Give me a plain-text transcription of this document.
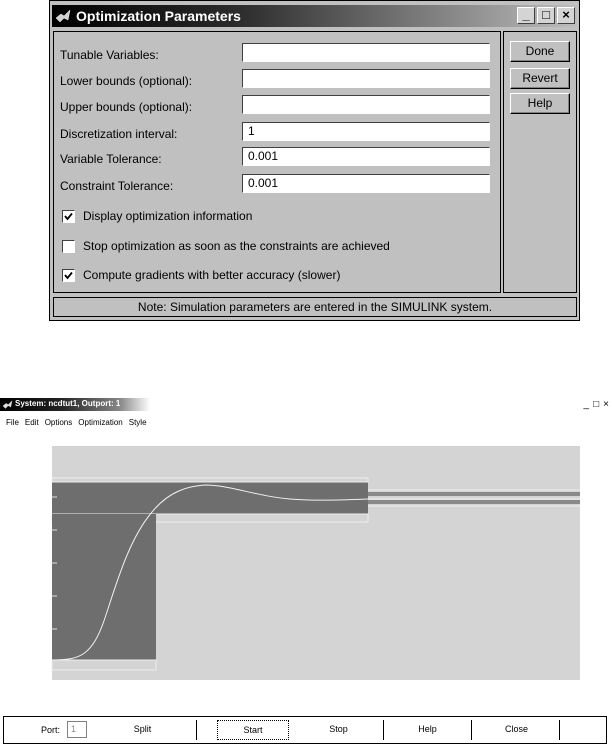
Optimization Parameters	_ □ ×
Tunable Variables:
Lower bounds (optional):
Upper bounds (optional):
Discretization interval:	1
Variable Tolerance:	0.001
Constraint Tolerance:	0.001
Display optimization information
Stop optimization as soon as the constraints are achieved
Compute gradients with better accuracy (slower)
Done
Revert
Help
Note: Simulation parameters are entered in the SIMULINK system.
System: ncdtut1, Outport: 1	_ □ ×
File Edit Options Optimization Style
Port:	1	Split	Start	Stop	Help	Close
